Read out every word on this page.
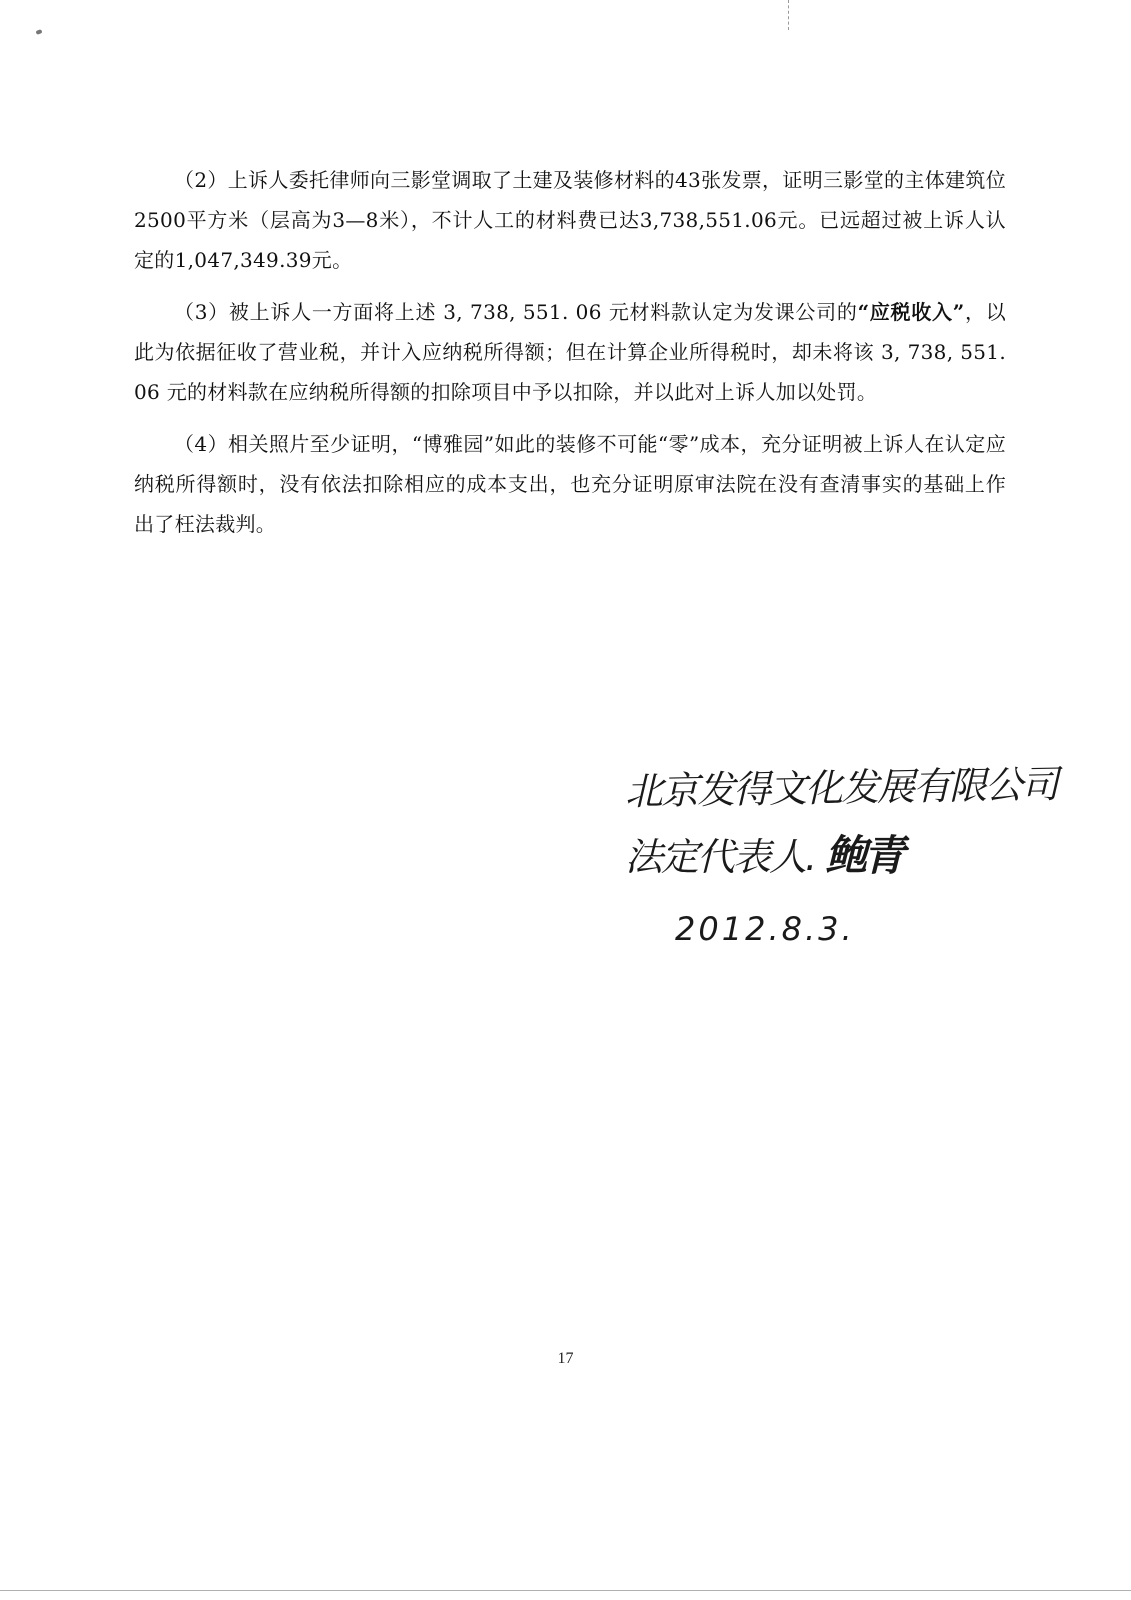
（2）上诉人委托律师向三影堂调取了土建及装修材料的43张发票，证明三影堂的主体建筑位2500平方米（层高为3—8米），不计人工的材料费已达3,738,551.06元。已远超过被上诉人认定的1,047,349.39元。

（3）被上诉人一方面将上述 3, 738, 551. 06 元材料款认定为发课公司的“应税收入”，以此为依据征收了营业税，并计入应纳税所得额；但在计算企业所得税时，却未将该 3, 738, 551. 06 元的材料款在应纳税所得额的扣除项目中予以扣除，并以此对上诉人加以处罚。

（4）相关照片至少证明，“博雅园”如此的装修不可能“零”成本，充分证明被上诉人在认定应纳税所得额时，没有依法扣除相应的成本支出，也充分证明原审法院在没有查清事实的基础上作出了枉法裁判。

北京发得文化发展有限公司
法定代表人. 鲍青
2012.8.3.
17
